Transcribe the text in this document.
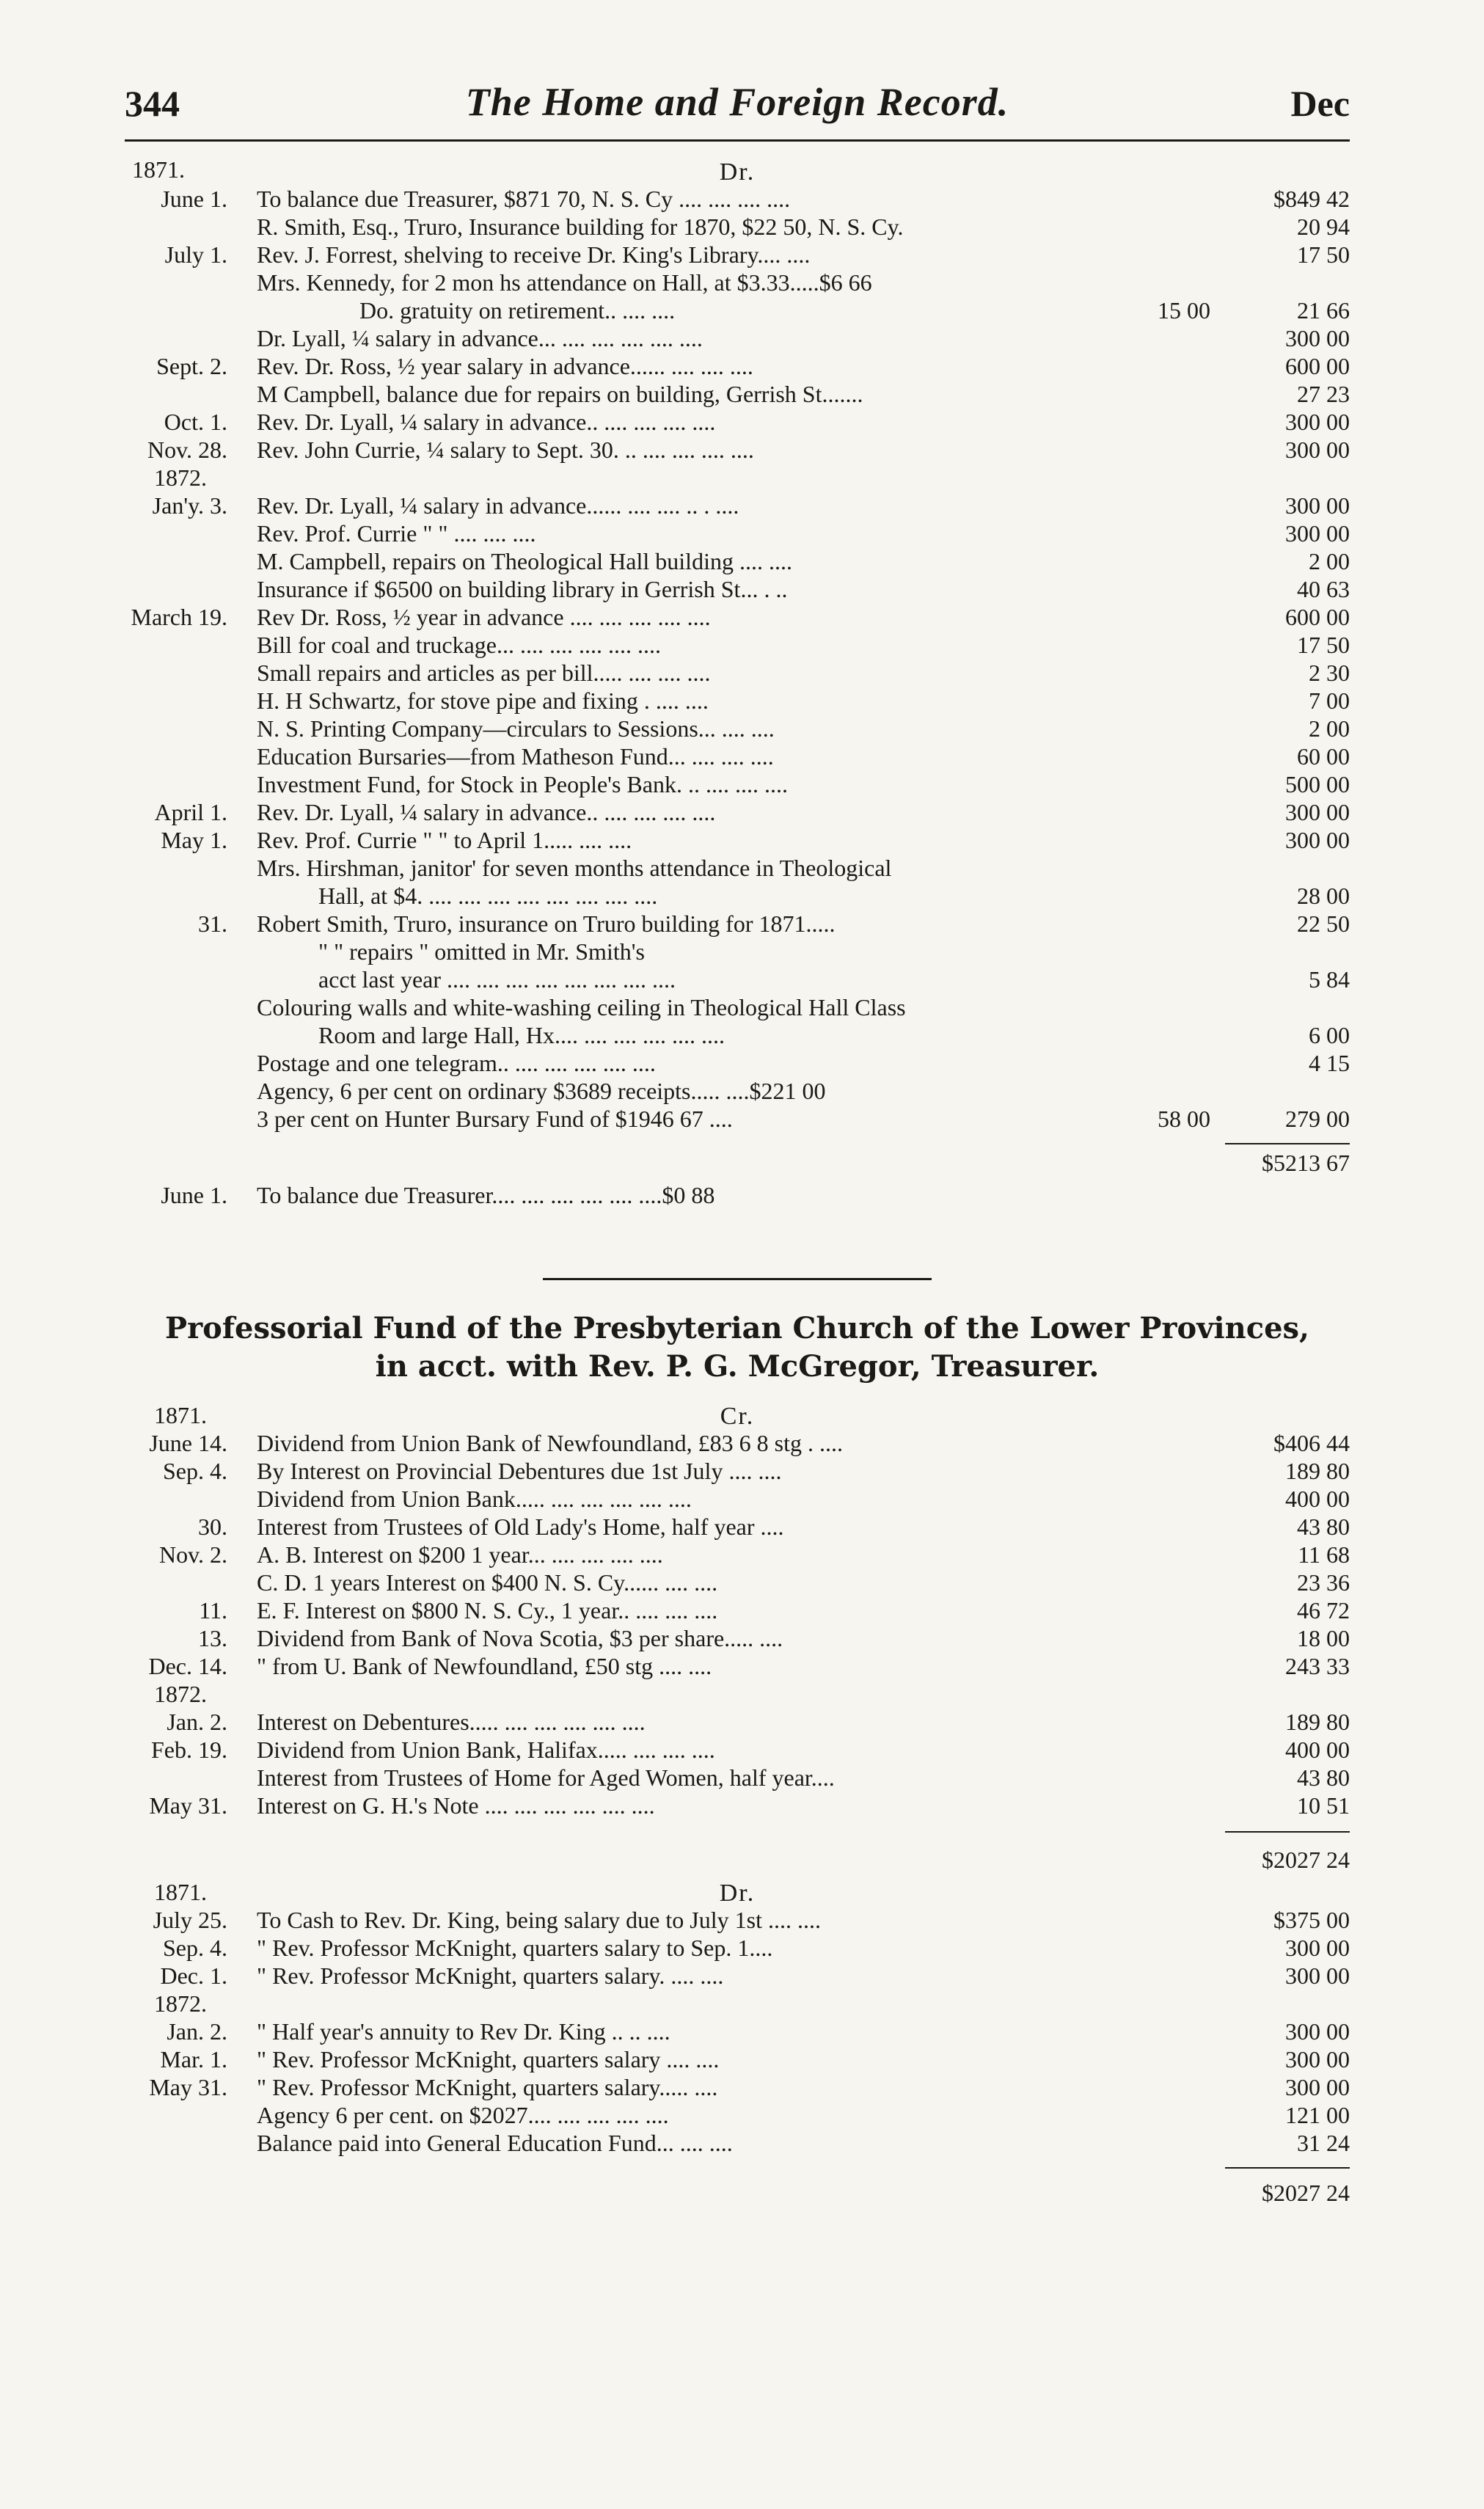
344	The Home and Foreign Record.	Dec
1871.	Dr.
June 1. To balance due Treasurer, $871 70, N. S. Cy .... .... .... ....	$849 42
R. Smith, Esq., Truro, Insurance building for 1870, $22 50, N. S. Cy.	20 94
July 1. Rev. J. Forrest, shelving to receive Dr. King's Library.... ....	17 50
Mrs. Kennedy, for 2 mon hs attendance on Hall, at $3.33.....$6 66
Do. gratuity on retirement.. .... ....	15 00	21 66
Dr. Lyall, ¼ salary in advance... .... .... .... .... ....	300 00
Sept. 2. Rev. Dr. Ross, ½ year salary in advance...... .... .... ....	600 00
M Campbell, balance due for repairs on building, Gerrish St.......	27 23
Oct. 1. Rev. Dr. Lyall, ¼ salary in advance.. .... .... .... ....	300 00
Nov. 28. Rev. John Currie, ¼ salary to Sept. 30. .. .... .... .... ....	300 00
1872.
Jan'y. 3. Rev. Dr. Lyall, ¼ salary in advance...... .... .... .. . ....	300 00
Rev. Prof. Currie " " .... .... ....	300 00
M. Campbell, repairs on Theological Hall building .... ....	2 00
Insurance if $6500 on building library in Gerrish St... . ..	40 63
March 19. Rev Dr. Ross, ½ year in advance .... .... .... .... ....	600 00
Bill for coal and truckage... .... .... .... .... ....	17 50
Small repairs and articles as per bill..... .... .... ....	2 30
H. H Schwartz, for stove pipe and fixing . .... ....	7 00
N. S. Printing Company—circulars to Sessions... .... ....	2 00
Education Bursaries—from Matheson Fund... .... .... ....	60 00
Investment Fund, for Stock in People's Bank. .. .... .... ....	500 00
April 1. Rev. Dr. Lyall, ¼ salary in advance.. .... .... .... ....	300 00
May 1. Rev. Prof. Currie " " to April 1..... .... ....	300 00
Mrs. Hirshman, janitor' for seven months attendance in Theological
Hall, at $4. .... .... .... .... .... .... .... ....	28 00
31. Robert Smith, Truro, insurance on Truro building for 1871.....	22 50
" " repairs " omitted in Mr. Smith's
acct last year .... .... .... .... .... .... .... ....	5 84
Colouring walls and white-washing ceiling in Theological Hall Class
Room and large Hall, Hx.... .... .... .... .... ....	6 00
Postage and one telegram.. .... .... .... .... ....	4 15
Agency, 6 per cent on ordinary $3689 receipts..... ....$221 00
3 per cent on Hunter Bursary Fund of $1946 67 ....	58 00	279 00
$5213 67
June 1. To balance due Treasurer.... .... .... .... .... ....$0 88
Professorial Fund of the Presbyterian Church of the Lower Provinces,
in acct. with Rev. P. G. McGregor, Treasurer.
1871.	Cr.
June 14. Dividend from Union Bank of Newfoundland, £83 6 8 stg . ....	$406 44
Sep. 4. By Interest on Provincial Debentures due 1st July .... ....	189 80
Dividend from Union Bank..... .... .... .... .... ....	400 00
30. Interest from Trustees of Old Lady's Home, half year ....	43 80
Nov. 2. A. B. Interest on $200 1 year... .... .... .... ....	11 68
C. D. 1 years Interest on $400 N. S. Cy...... .... ....	23 36
11. E. F. Interest on $800 N. S. Cy., 1 year.. .... .... ....	46 72
13. Dividend from Bank of Nova Scotia, $3 per share..... ....	18 00
Dec. 14. " from U. Bank of Newfoundland, £50 stg .... ....	243 33
1872.
Jan. 2. Interest on Debentures..... .... .... .... .... ....	189 80
Feb. 19. Dividend from Union Bank, Halifax..... .... .... ....	400 00
Interest from Trustees of Home for Aged Women, half year....	43 80
May 31. Interest on G. H.'s Note .... .... .... .... .... ....	10 51
$2027 24
1871.	Dr.
July 25. To Cash to Rev. Dr. King, being salary due to July 1st .... ....	$375 00
Sep. 4. " Rev. Professor McKnight, quarters salary to Sep. 1....	300 00
Dec. 1. " Rev. Professor McKnight, quarters salary. .... ....	300 00
1872.
Jan. 2. " Half year's annuity to Rev Dr. King .. .. ....	300 00
Mar. 1. " Rev. Professor McKnight, quarters salary .... ....	300 00
May 31. " Rev. Professor McKnight, quarters salary..... ....	300 00
Agency 6 per cent. on $2027.... .... .... .... ....	121 00
Balance paid into General Education Fund... .... ....	31 24
$2027 24
